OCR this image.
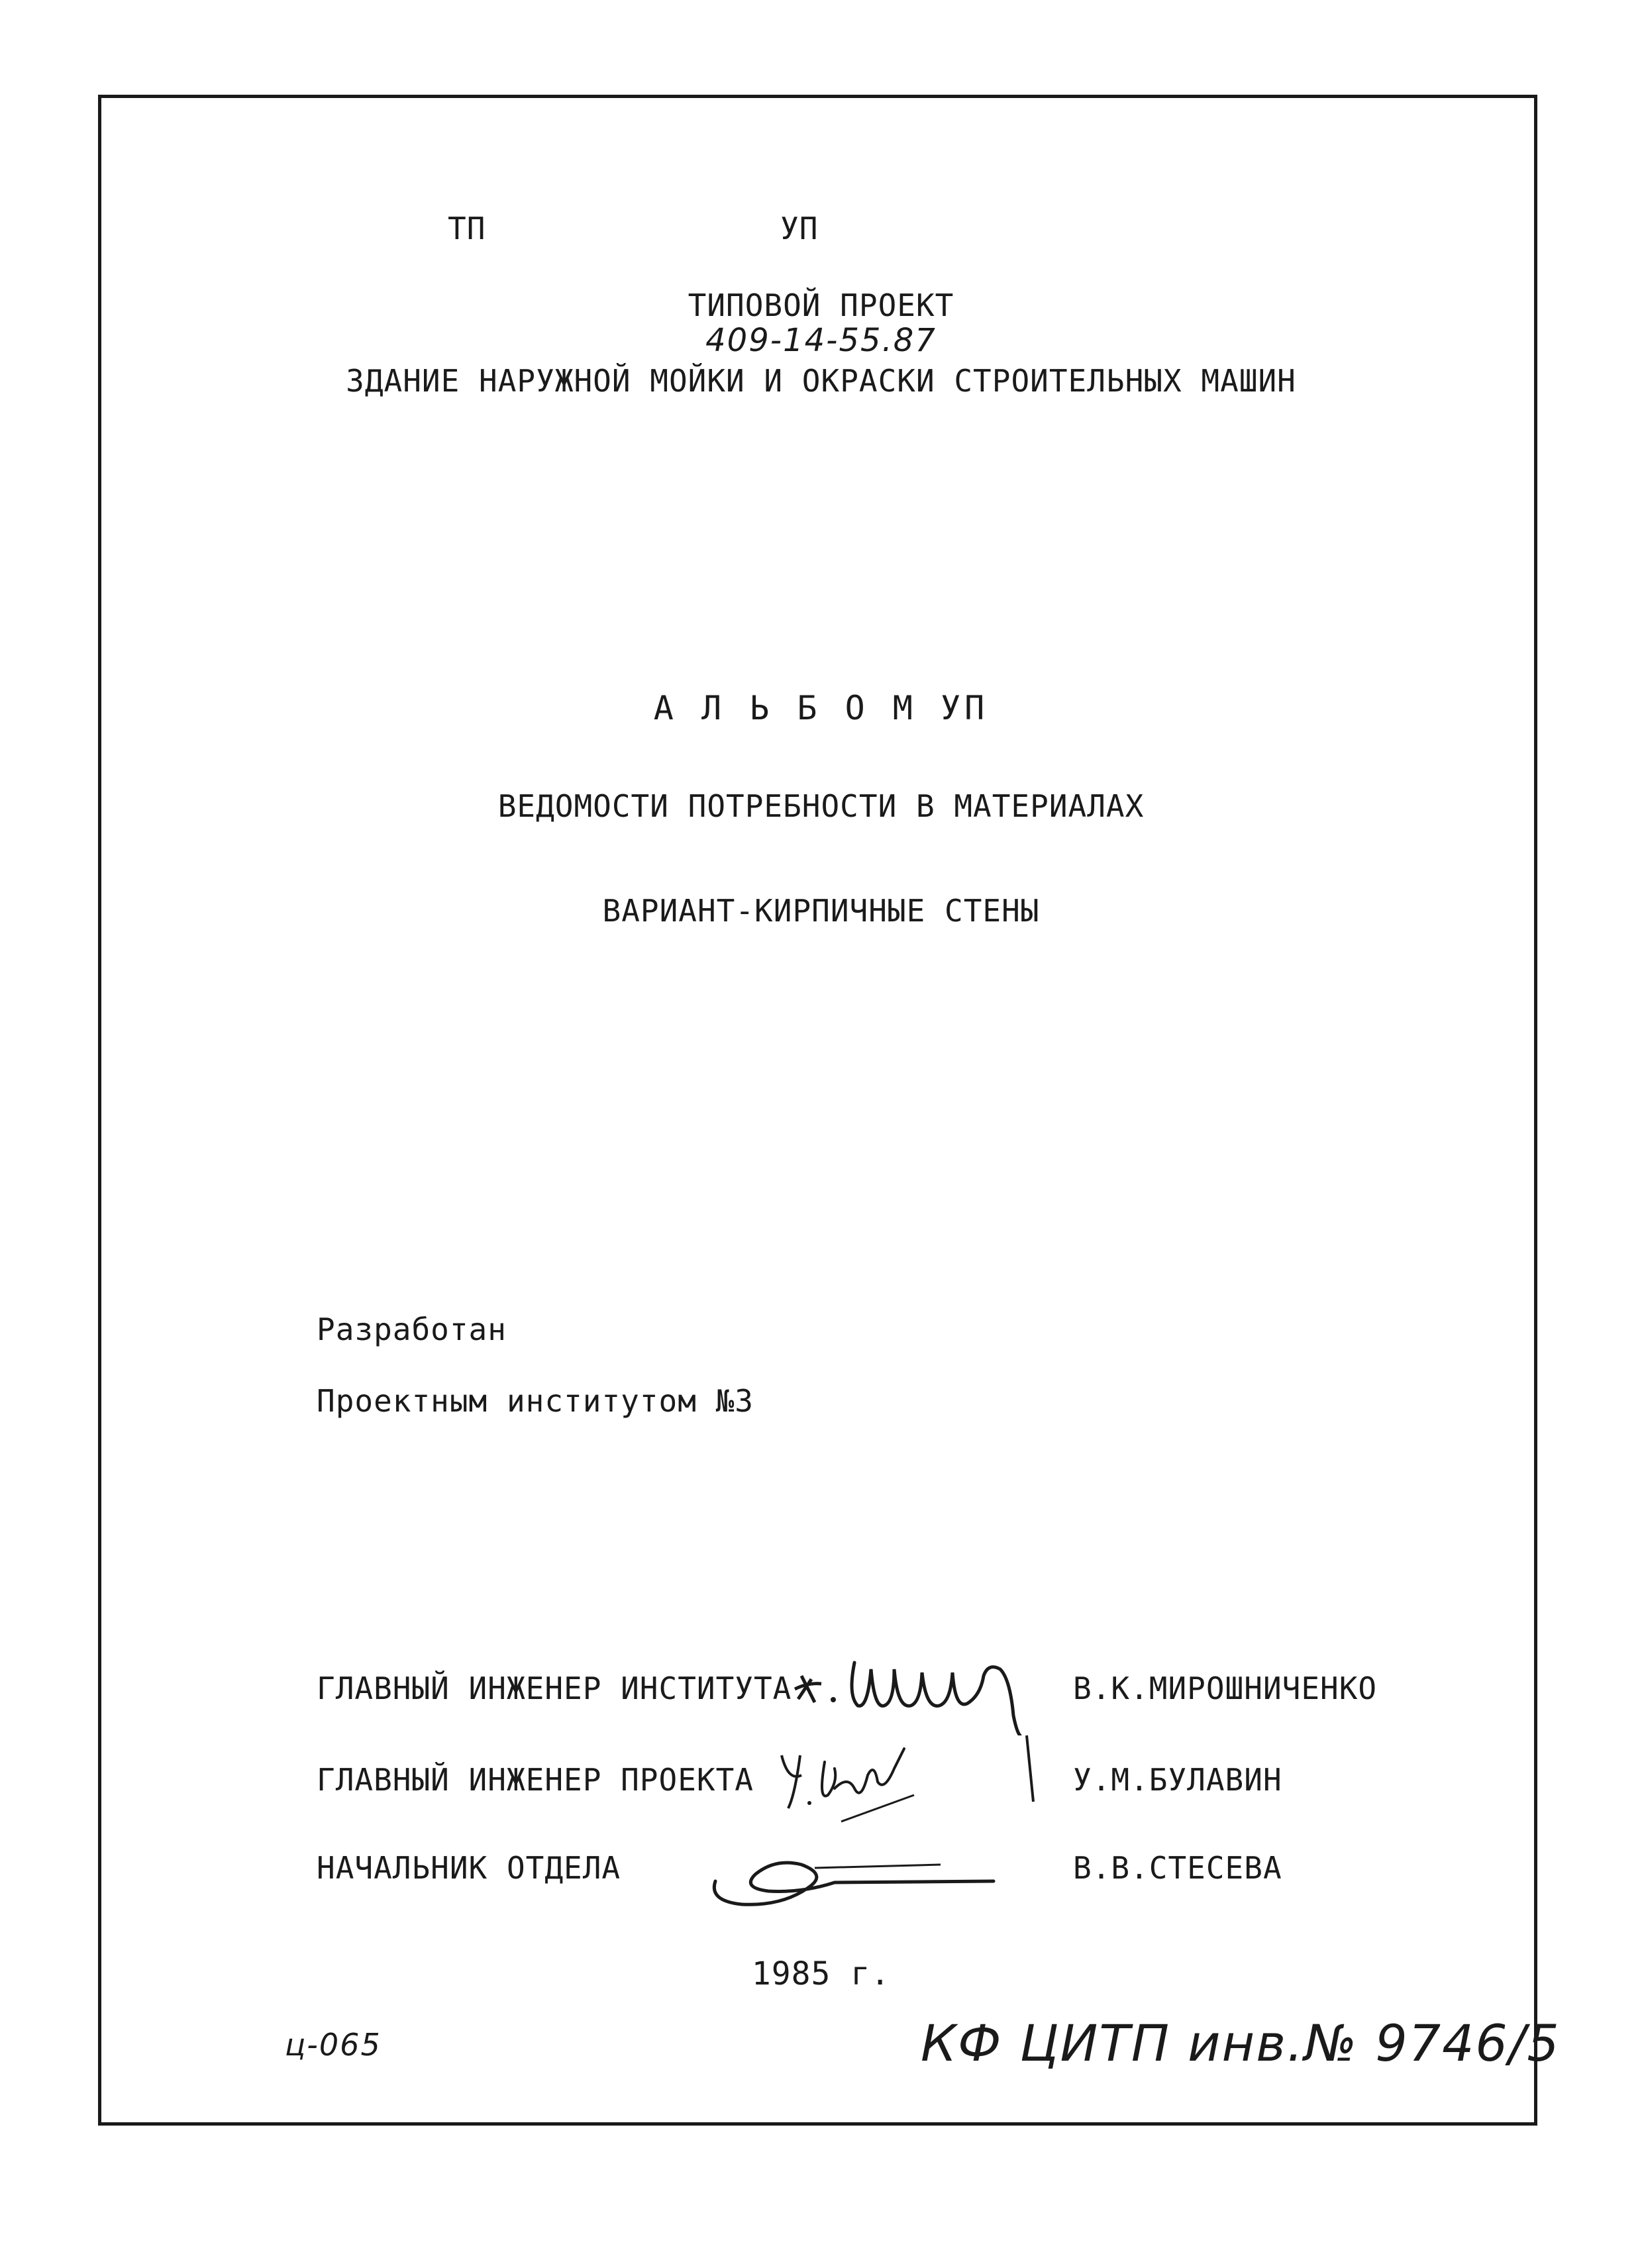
ТП	УП
ТИПОВОЙ ПРОЕКТ
409-14-55.87
ЗДАНИЕ НАРУЖНОЙ МОЙКИ И ОКРАСКИ СТРОИТЕЛЬНЫХ МАШИН
А Л Ь Б О М УП
ВЕДОМОСТИ ПОТРЕБНОСТИ В МАТЕРИАЛАХ
ВАРИАНТ-КИРПИЧНЫЕ СТЕНЫ
Разработан
Проектным институтом №3
ГЛАВНЫЙ ИНЖЕНЕР ИНСТИТУТА	В.К.МИРОШНИЧЕНКО
ГЛАВНЫЙ ИНЖЕНЕР ПРОЕКТА	У.М.БУЛАВИН
НАЧАЛЬНИК ОТДЕЛА	В.В.СТЕСЕВА
1985 г.
ц-065	КФ ЦИТП инв.№ 9746/5
